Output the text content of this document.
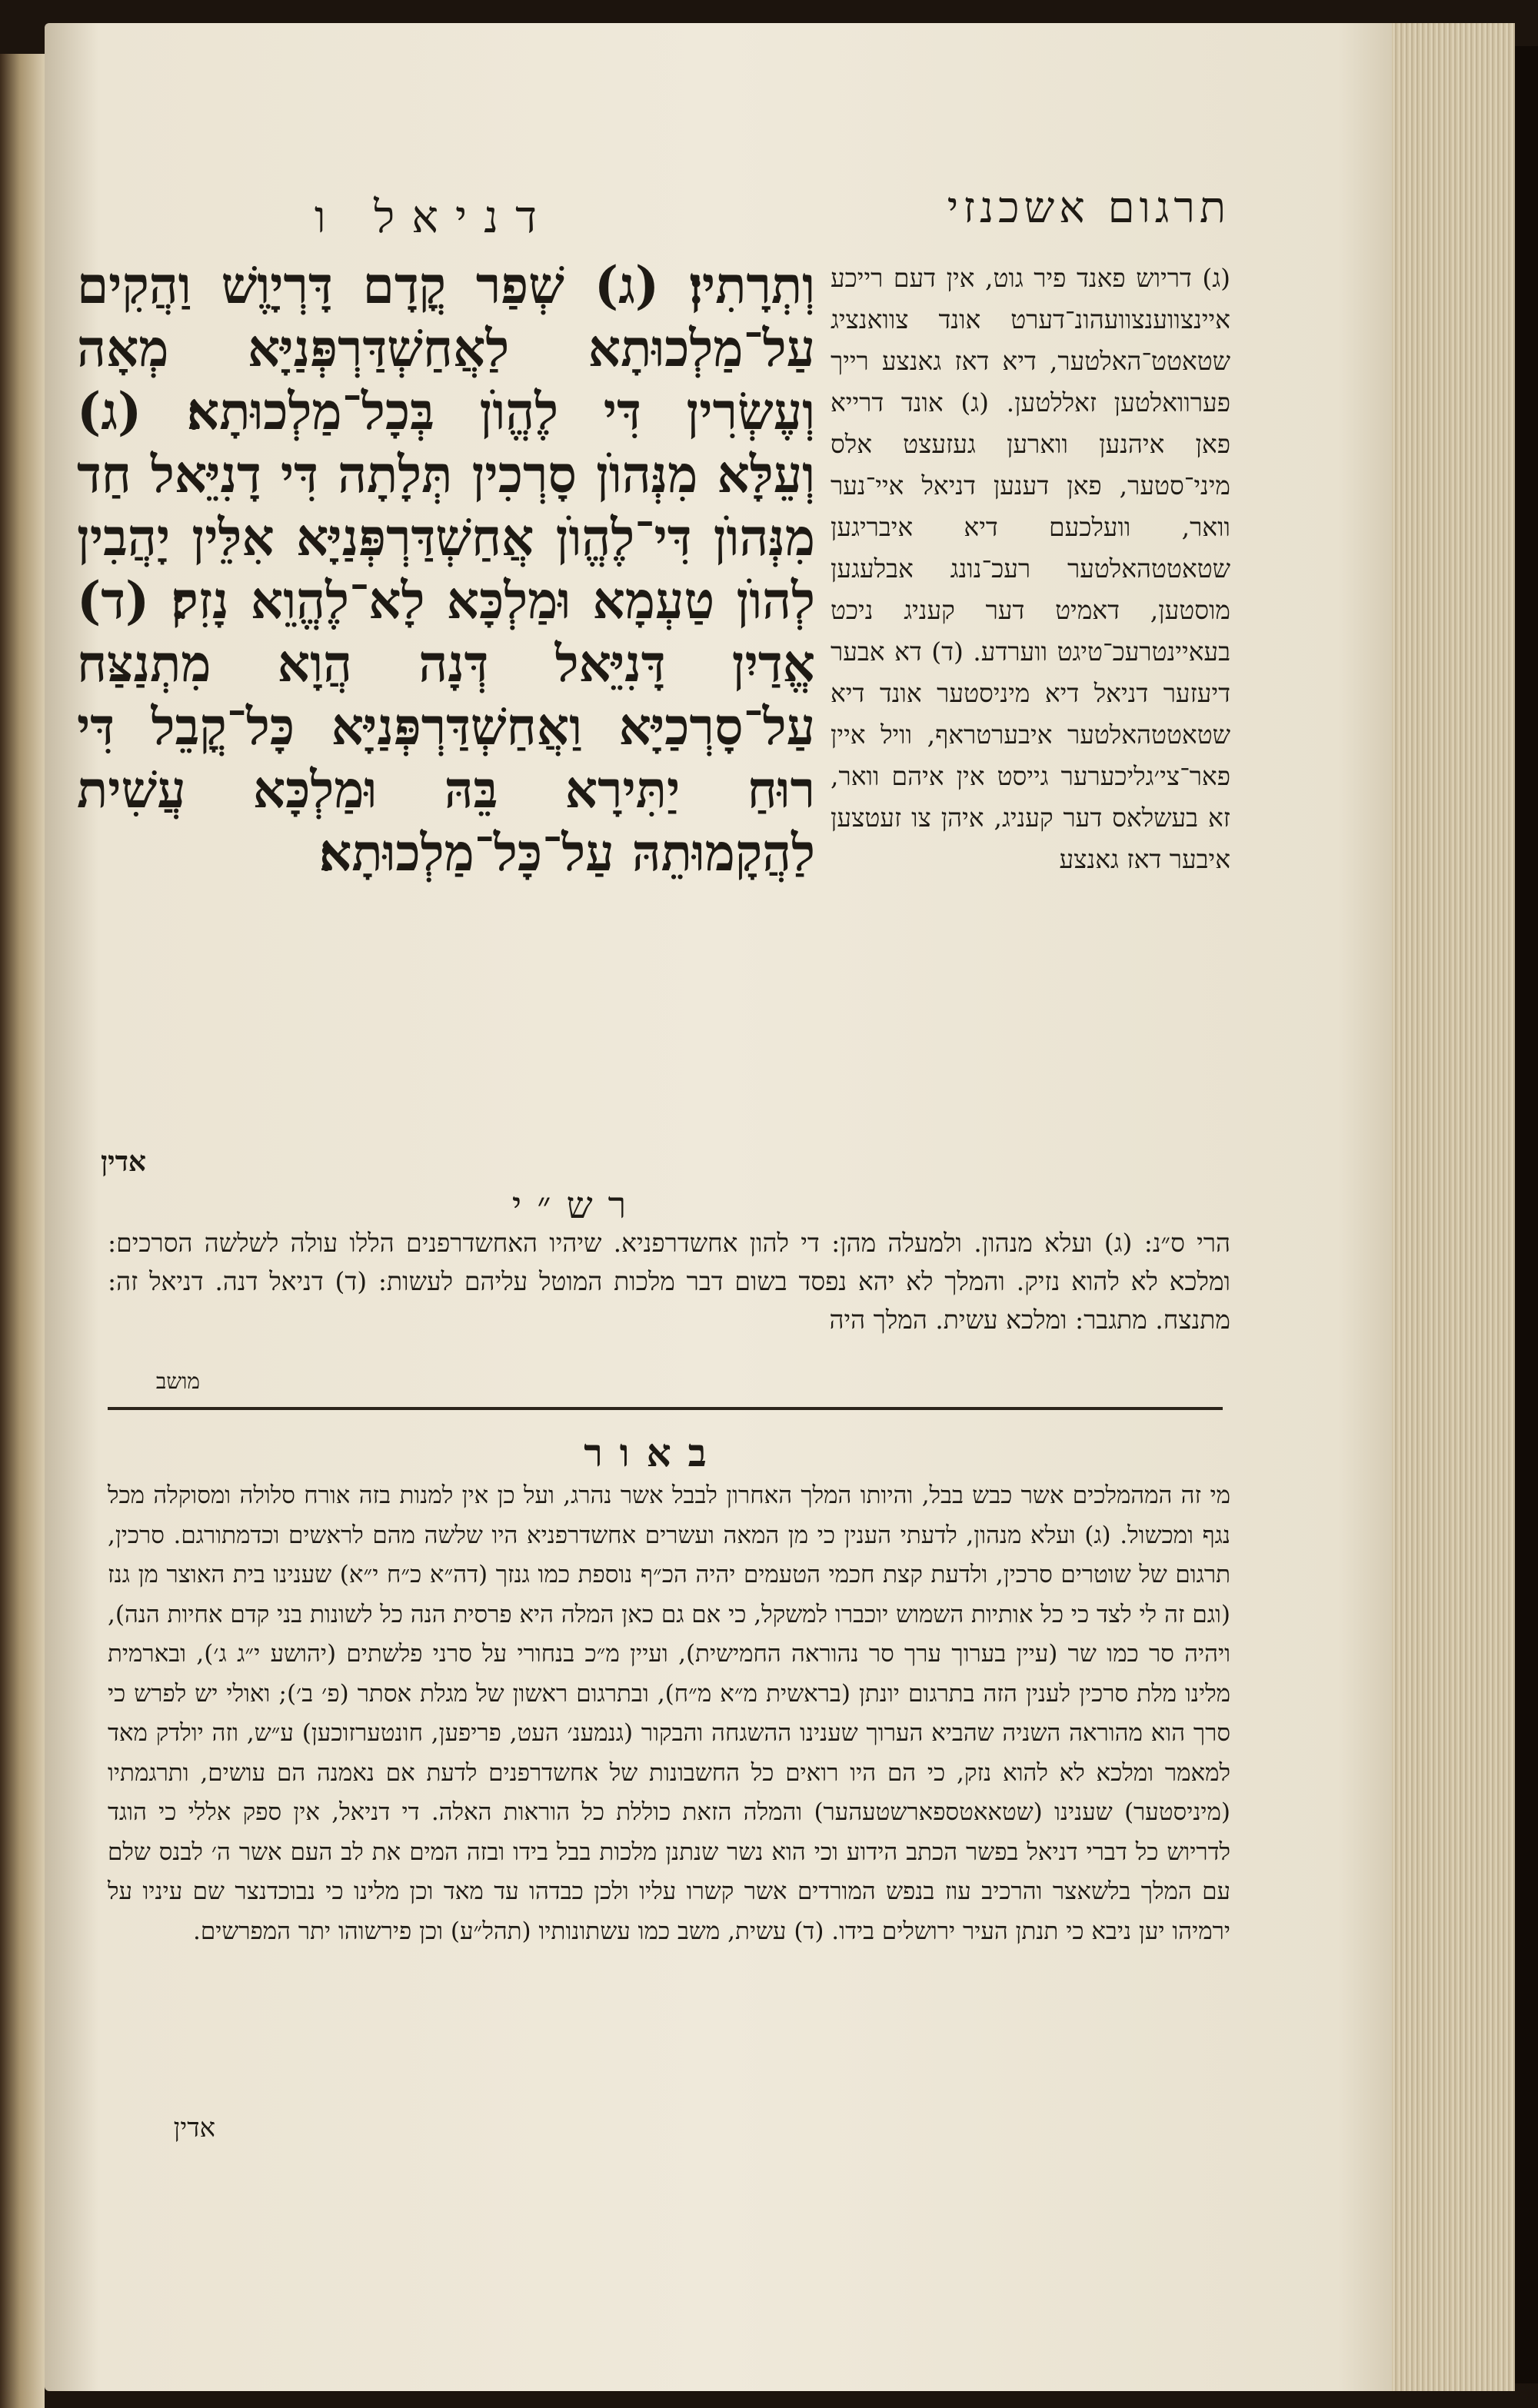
דניאל ו	תרגום אשכנזי
וְתְרָתִין׃ (ג) שְׁפַר קֳדָם דָּרְיָוֶשׁ וַהֲקִים עַל־מַלְכוּתָא לַאֲחַשְׁדַּרְפְּנַיָּא מְאָה וְעֶשְׂרִין דִּי לֶהֱוֺן בְּכָל־מַלְכוּתָא׃ (ג) וְעֵלָּא מִנְּהוֺן סָרְכִין תְּלָתָה דִּי דָנִיֵּאל חַד מִנְּהוֺן דִּי־לֶהֱוֺן אֲחַשְׁדַּרְפְּנַיָּא אִלֵּין יָהֲבִין לְהוֺן טַעְמָא וּמַלְכָּא לָא־לֶהֱוֵא נָזִק׃ (ד) אֱדַיִן דָּנִיֵּאל דְּנָה הֲוָא מִתְנַצַּח עַל־סָרְכַיָּא וַאֲחַשְׁדַּרְפְּנַיָּא כָּל־קֳבֵל דִּי רוּחַ יַתִּירָא בֵּהּ וּמַלְכָּא עֲשִׁית לַהֲקָמוּתֵהּ עַל־כָּל־מַלְכוּתָא׃
אדין
(ג) דריוש פאנד פיר גוט, אין דעם רייכע איינצווענצוועהונ־דערט אונד צוואנציג שטאטט־האלטער, דיא דאז גאנצע רייך פערוואלטען זאללטען. (ג) אונד דרייא פאן איהנען ווארען געזעצט אלס מיני־סטער, פאן דענען דניאל איי־נער וואר, וועלכעם דיא איבריגען שטאטטהאלטער רעכ־נונג אבלעגען מוסטען, דאמיט דער קעניג ניכט בעאיינטרעכ־טיגט ווערדע. (ד) דא אבער דיעזער דניאל דיא מיניסטער אונד דיא שטאטטהאלטער איבערטראף, וויל איין פאר־צי׳גליכערער גייסט אין איהם וואר, זא בעשלאס דער קעניג, איהן צו זעטצען איבער דאז גאנצע
רש״י
הרי ס״נ: (ג) ועלא מנהון. ולמעלה מהן: די להון אחשדרפניא. שיהיו האחשדרפנים הללו עולה לשלשה הסרכים: ומלכא לא להוא נזיק. והמלך לא יהא נפסד בשום דבר מלכות המוטל עליהם לעשות: (ד) דניאל דנה. דניאל זה: מתנצח. מתגבר: ומלכא עשית. המלך היה
מושב
באור
מי זה המהמלכים אשר כבש בבל, והיותו המלך האחרון לבבל אשר נהרג, ועל כן אין למנות בזה אורח סלולה ומסוקלה מכל נגף ומכשול. (ג) ועלא מנהון, לדעתי הענין כי מן המאה ועשרים אחשדרפניא היו שלשה מהם לראשים וכדמתורגם. סרכין, תרגום של שוטרים סרכין, ולדעת קצת חכמי הטעמים יהיה הכ״ף נוספת כמו גנזך (דה״א כ״ח י״א) שענינו בית האוצר מן גנז (וגם זה לי לצד כי כל אותיות השמוש יוכברו למשקל, כי אם גם כאן המלה היא פרסית הנה כל לשונות בני קדם אחיות הנה), ויהיה סר כמו שר (עיין בערוך ערך סר נהוראה החמישית), ועיין מ״כ בנחורי על סרני פלשתים (יהושע י״ג ג׳), ובארמית מלינו מלת סרכין לענין הזה בתרגום יונתן (בראשית מ״א מ״ח), ובתרגום ראשון של מגלת אסתר (פ׳ ב׳); ואולי יש לפרש כי סרך הוא מהוראה השניה שהביא הערוך שענינו ההשגחה והבקור (גנמענ׳ העט, פריפען, חונטערזוכען) ע״ש, וזה יולדק מאד למאמר ומלכא לא להוא נזק, כי הם היו רואים כל החשבונות של אחשדרפנים לדעת אם נאמנה הם עושים, ותרגמתיו (מיניסטער) שענינו (שטאאטספארשטעהער) והמלה הזאת כוללת כל הוראות האלה. די דניאל, אין ספק אללי כי הוגד לדריוש כל דברי דניאל בפשר הכתב הידוע וכי הוא נשר שנתנן מלכות בבל בידו ובזה המים את לב העם אשר ה׳ לבנס שלם עם המלך בלשאצר והרכיב עוז בנפש המורדים אשר קשרו עליו ולכן כבדהו עד מאד וכן מלינו כי נבוכדנצר שם עיניו על ירמיהו יען ניבא כי תנתן העיר ירושלים בידו. (ד) עשית, משב כמו עשתונותיו (תהל״ע) וכן פירשוהו יתר המפרשים.
אדין
